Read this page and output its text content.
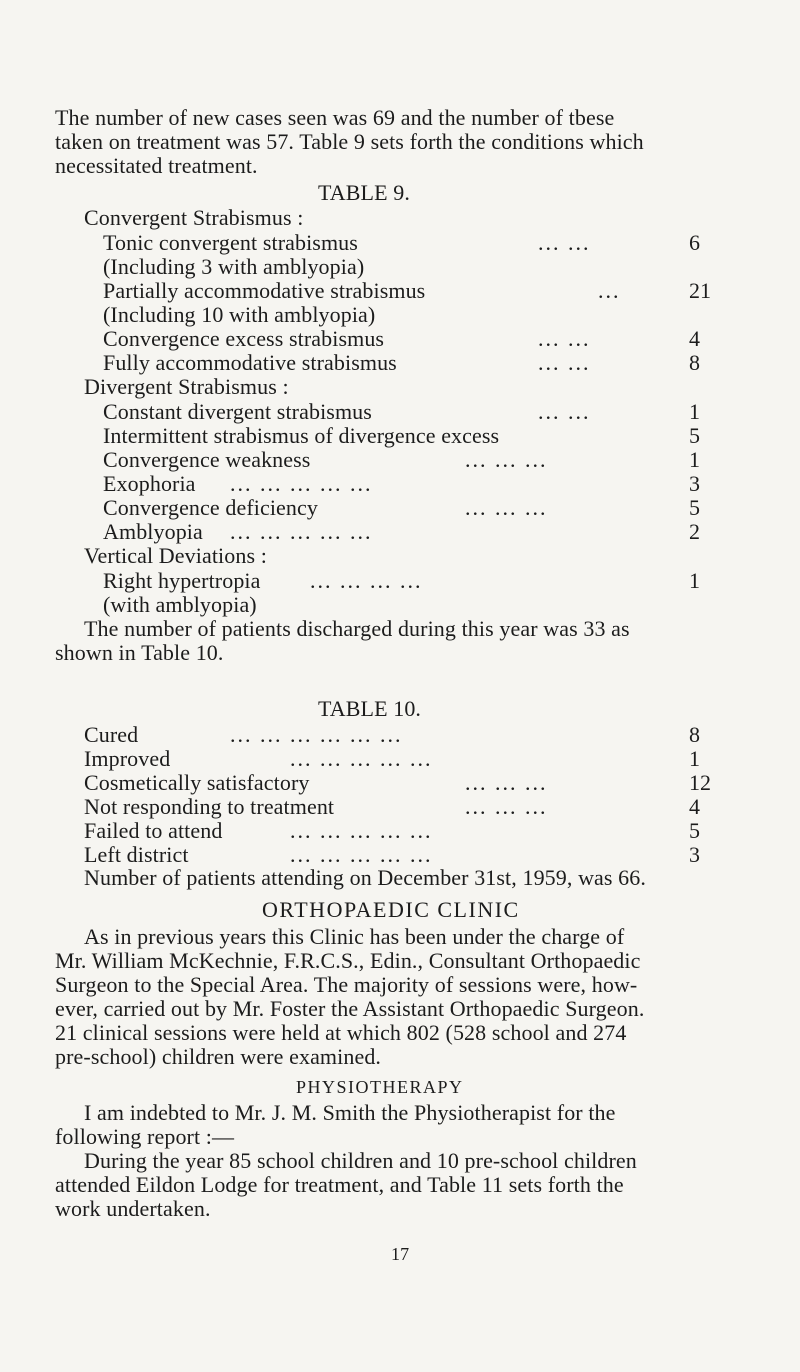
The number of new cases seen was 69 and the number of tbese
taken on treatment was 57. Table 9 sets forth the conditions which
necessitated treatment.
TABLE 9.
Convergent Strabismus :
Tonic convergent strabismus	... ...	6
(Including 3 with amblyopia)
Partially accommodative strabismus	...	21
(Including 10 with amblyopia)
Convergence excess strabismus	... ...	4
Fully accommodative strabismus	... ...	8
Divergent Strabismus :
Constant divergent strabismus	... ...	1
Intermittent strabismus of divergence excess	5
Convergence weakness	... ... ...	1
Exophoria ... ... ... ... ...	3
Convergence deficiency	... ... ...	5
Amblyopia ... ... ... ... ...	2
Vertical Deviations :
Right hypertropia ... ... ... ...	1
(with amblyopia)
The number of patients discharged during this year was 33 as
shown in Table 10.
TABLE 10.
Cured	... ... ... ... ... ...	8
Improved	... ... ... ... ...	1
Cosmetically satisfactory	... ... ...	12
Not responding to treatment	... ... ...	4
Failed to attend	... ... ... ... ...	5
Left district	... ... ... ... ...	3
Number of patients attending on December 31st, 1959, was 66.
ORTHOPAEDIC CLINIC
As in previous years this Clinic has been under the charge of
Mr. William McKechnie, F.R.C.S., Edin., Consultant Orthopaedic
Surgeon to the Special Area. The majority of sessions were, how-
ever, carried out by Mr. Foster the Assistant Orthopaedic Surgeon.
21 clinical sessions were held at which 802 (528 school and 274
pre-school) children were examined.
PHYSIOTHERAPY
I am indebted to Mr. J. M. Smith the Physiotherapist for the
following report :—
During the year 85 school children and 10 pre-school children
attended Eildon Lodge for treatment, and Table 11 sets forth the
work undertaken.
17
